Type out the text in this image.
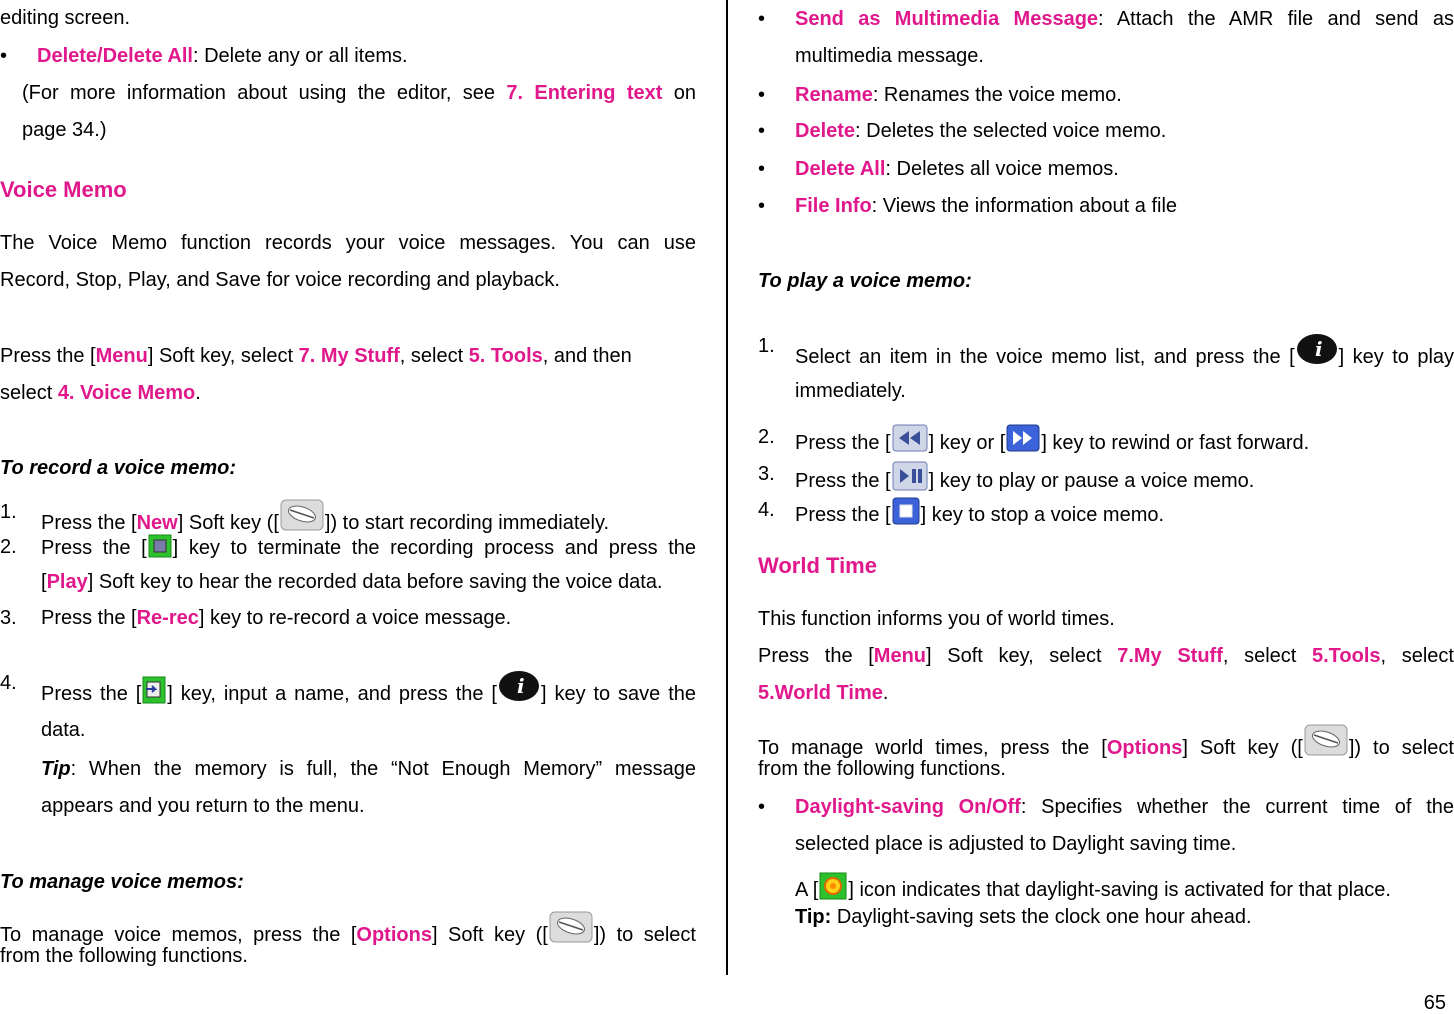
editing screen.
• Delete/Delete All: Delete any or all items.
(For more information about using the editor, see 7. Entering text on
page 34.)
Voice Memo
The Voice Memo function records your voice messages. You can use
Record, Stop, Play, and Save for voice recording and playback.
Press the [Menu] Soft key, select 7. My Stuff, select 5. Tools, and then
select 4. Voice Memo.
To record a voice memo:
1. Press the [New] Soft key ([ ]) to start recording immediately.
2. Press the [ ] key to terminate the recording process and press the
[Play] Soft key to hear the recorded data before saving the voice data.
3. Press the [Re-rec] key to re-record a voice message.
4. Press the [ ] key, input a name, and press the [ i ] key to save the
data.
Tip: When the memory is full, the “Not Enough Memory” message
appears and you return to the menu.
To manage voice memos:
To manage voice memos, press the [Options] Soft key ([ ]) to select
from the following functions.
• Send as Multimedia Message: Attach the AMR file and send as
multimedia message.
• Rename: Renames the voice memo.
• Delete: Deletes the selected voice memo.
• Delete All: Deletes all voice memos.
• File Info: Views the information about a file
To play a voice memo:
1. Select an item in the voice memo list, and press the [ i ] key to play
immediately.
2. Press the [ ] key or [ ] key to rewind or fast forward.
3. Press the [ ] key to play or pause a voice memo.
4. Press the [ ] key to stop a voice memo.
World Time
This function informs you of world times.
Press the [Menu] Soft key, select 7.My Stuff, select 5.Tools, select
5.World Time.
To manage world times, press the [Options] Soft key ([ ]) to select
from the following functions.
• Daylight-saving On/Off: Specifies whether the current time of the
selected place is adjusted to Daylight saving time.
A [ ] icon indicates that daylight-saving is activated for that place.
Tip: Daylight-saving sets the clock one hour ahead.
65
